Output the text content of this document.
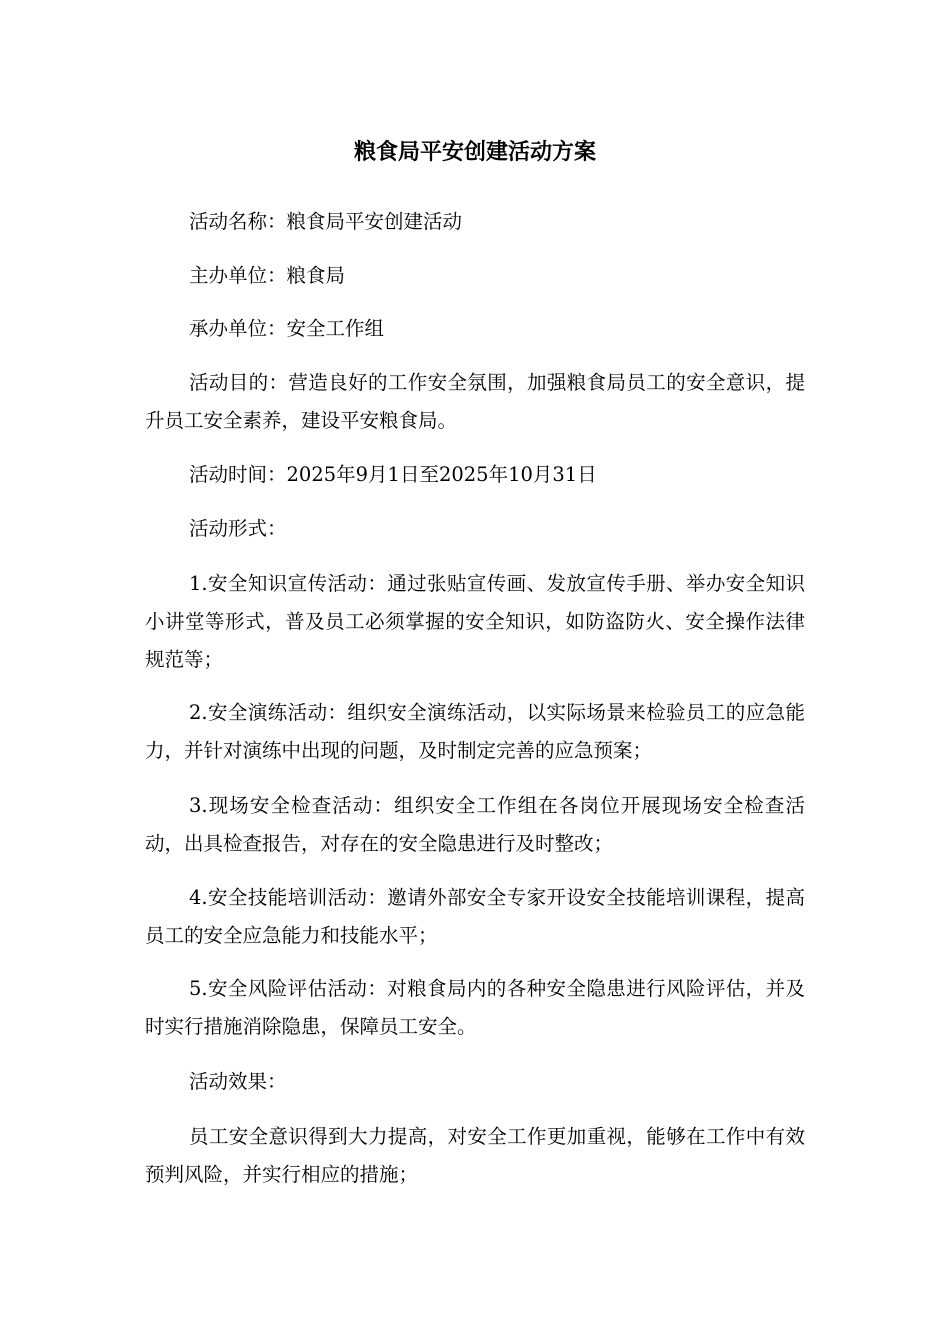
粮食局平安创建活动方案

活动名称：粮食局平安创建活动

主办单位：粮食局

承办单位：安全工作组

活动目的：营造良好的工作安全氛围，加强粮食局员工的安全意识，提升员工安全素养，建设平安粮食局。

活动时间：2025年9月1日至2025年10月31日

活动形式：

1.安全知识宣传活动：通过张贴宣传画、发放宣传手册、举办安全知识小讲堂等形式，普及员工必须掌握的安全知识，如防盗防火、安全操作法律规范等；

2.安全演练活动：组织安全演练活动，以实际场景来检验员工的应急能力，并针对演练中出现的问题，及时制定完善的应急预案；

3.现场安全检查活动：组织安全工作组在各岗位开展现场安全检查活动，出具检查报告，对存在的安全隐患进行及时整改；

4.安全技能培训活动：邀请外部安全专家开设安全技能培训课程，提高员工的安全应急能力和技能水平；

5.安全风险评估活动：对粮食局内的各种安全隐患进行风险评估，并及时实行措施消除隐患，保障员工安全。

活动效果：

员工安全意识得到大力提高，对安全工作更加重视，能够在工作中有效预判风险，并实行相应的措施；
